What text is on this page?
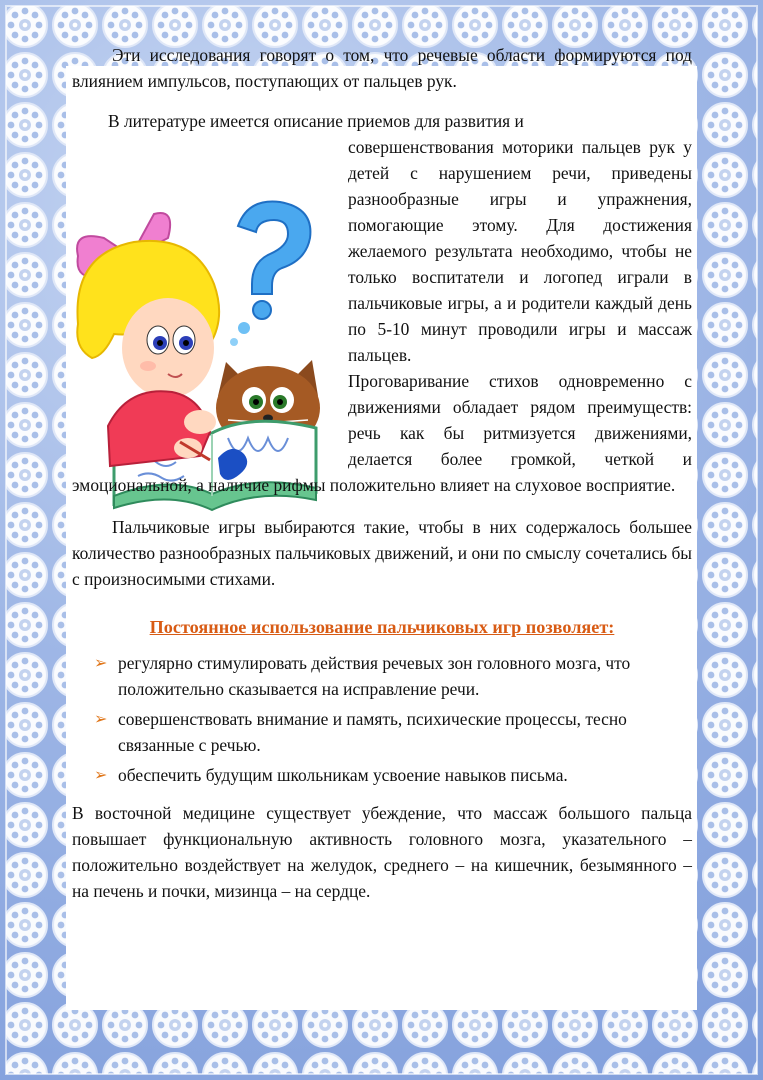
Эти исследования говорят о том, что речевые области формируются под влиянием импульсов, поступающих от пальцев рук.

В литературе имеется описание приемов для развития и

совершенствования моторики пальцев рук у детей с нарушением речи, приведены разнообразные игры и упражнения, помогающие этому. Для достижения желаемого результата необходимо, чтобы не только воспитатели и логопед играли в пальчиковые игры, а и родители каждый день по 5-10 минут проводили игры и массаж пальцев.

Проговаривание стихов одновременно с движениями обладает рядом преимуществ: речь как бы ритмизуется движениями, делается более громкой, четкой и эмоциональной, а наличие рифмы положительно влияет на слуховое восприятие.

Пальчиковые игры выбираются такие, чтобы в них содержалось большее количество разнообразных пальчиковых движений, и они по смыслу сочетались бы с произносимыми стихами.

Постоянное использование пальчиковых игр позволяет:
➢ регулярно стимулировать действия речевых зон головного мозга, что положительно сказывается на исправление речи.
➢ совершенствовать внимание и память, психические процессы, тесно связанные с речью.
➢ обеспечить будущим школьникам усвоение навыков письма.

В восточной медицине существует убеждение, что массаж большого пальца повышает функциональную активность головного мозга, указательного – положительно воздействует на желудок, среднего – на кишечник, безымянного – на печень и почки, мизинца – на сердце.
